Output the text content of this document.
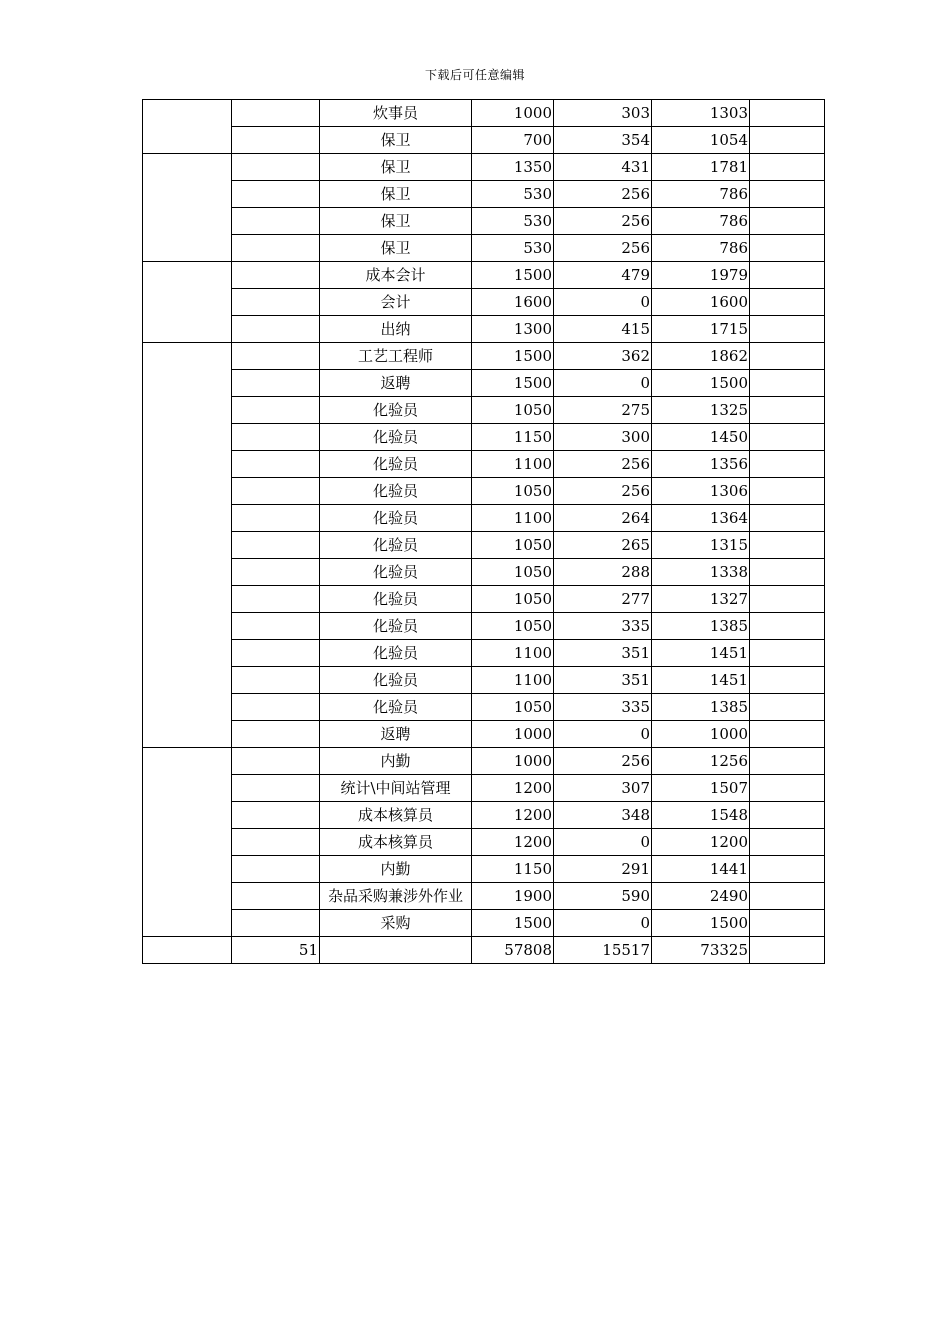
下载后可任意编辑
		炊事员	1000	303	1303	
		保卫	700	354	1054	
		保卫	1350	431	1781	
		保卫	530	256	786	
		保卫	530	256	786	
		保卫	530	256	786	
		成本会计	1500	479	1979	
		会计	1600	0	1600	
		出纳	1300	415	1715	
		工艺工程师	1500	362	1862	
		返聘	1500	0	1500	
		化验员	1050	275	1325	
		化验员	1150	300	1450	
		化验员	1100	256	1356	
		化验员	1050	256	1306	
		化验员	1100	264	1364	
		化验员	1050	265	1315	
		化验员	1050	288	1338	
		化验员	1050	277	1327	
		化验员	1050	335	1385	
		化验员	1100	351	1451	
		化验员	1100	351	1451	
		化验员	1050	335	1385	
		返聘	1000	0	1000	
		内勤	1000	256	1256	
		统计\中间站管理	1200	307	1507	
		成本核算员	1200	348	1548	
		成本核算员	1200	0	1200	
		内勤	1150	291	1441	
		杂品采购兼涉外作业	1900	590	2490	
		采购	1500	0	1500	
	51		57808	15517	73325	
